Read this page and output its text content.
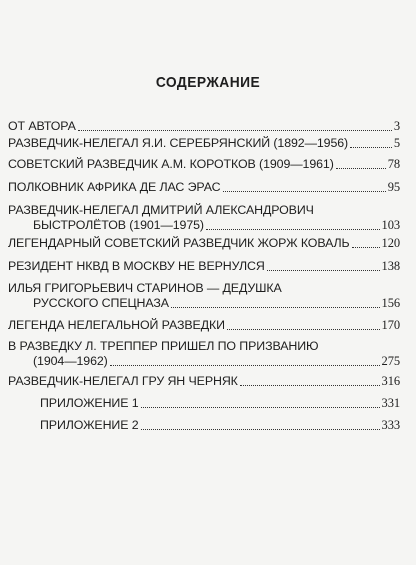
СОДЕРЖАНИЕ
ОТ АВТОРА	3
РАЗВЕДЧИК-НЕЛЕГАЛ Я.И. СЕРЕБРЯНСКИЙ (1892—1956)	5
СОВЕТСКИЙ РАЗВЕДЧИК А.М. КОРОТКОВ (1909—1961)	78
ПОЛКОВНИК АФРИКА ДЕ ЛАС ЭРАС	95
РАЗВЕДЧИК-НЕЛЕГАЛ ДМИТРИЙ АЛЕКСАНДРОВИЧ
БЫСТРОЛЁТОВ (1901—1975)	103
ЛЕГЕНДАРНЫЙ СОВЕТСКИЙ РАЗВЕДЧИК ЖОРЖ КОВАЛЬ	120
РЕЗИДЕНТ НКВД В МОСКВУ НЕ ВЕРНУЛСЯ	138
ИЛЬЯ ГРИГОРЬЕВИЧ СТАРИНОВ — ДЕДУШКА
РУССКОГО СПЕЦНАЗА	156
ЛЕГЕНДА НЕЛЕГАЛЬНОЙ РАЗВЕДКИ	170
В РАЗВЕДКУ Л. ТРЕППЕР ПРИШЕЛ ПО ПРИЗВАНИЮ
(1904—1962)	275
РАЗВЕДЧИК-НЕЛЕГАЛ ГРУ ЯН ЧЕРНЯК	316
ПРИЛОЖЕНИЕ 1	331
ПРИЛОЖЕНИЕ 2	333
